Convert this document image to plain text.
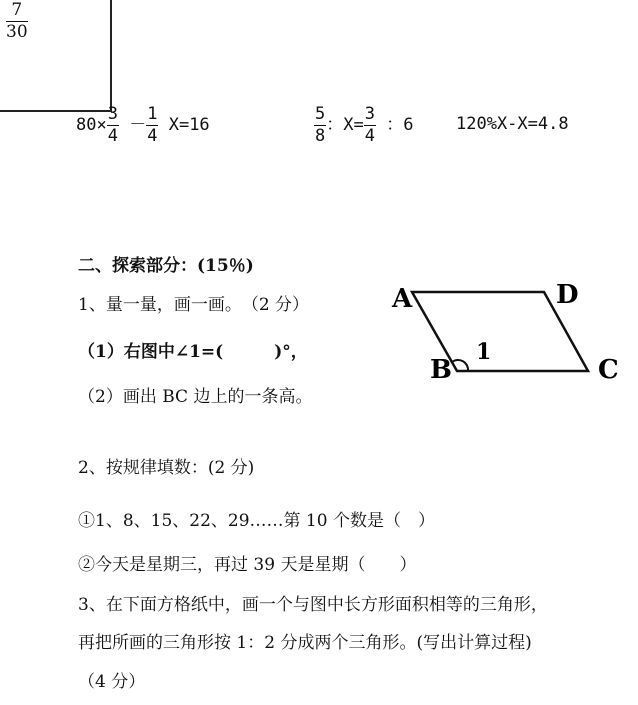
$\frac{7}{30}$
$80\times \frac{3}{4} - \frac{1}{4} X=16$	$\frac{5}{8}$ ：$X= \frac{3}{4}$ ：6	120%X-X=4.8
二、探索部分：(15％)
1、量一量，画一画。　（2 分）
（1）右图中∠1=(　　　)°，
（2）画出 BC 边上的一条高。
A	D
B
1
C
2、按规律填数：(2 分)
①1、8、15、22、29……第 10 个数是（　）
②今天是星期三，再过 39 天是星期（　　）
3、在下面方格纸中，画一个与图中长方形面积相等的三角形，
再把所画的三角形按 1：2 分成两个三角形。(写出计算过程)
（4 分）
